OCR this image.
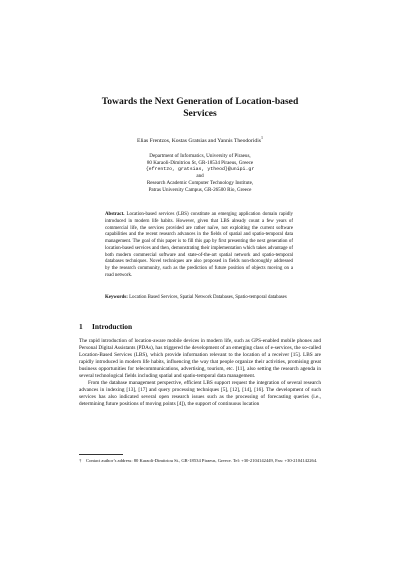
Towards the Next Generation of Location-based
Services
Elias Frentzos, Kostas Gratsias and Yannis Theodoridis$^1$
Department of Informatics, University of Piraeus,
80 Karaoli-Dimitriou St, GR-18534 Piraeus, Greece
{efrentzo, gratsias, ytheod}@unipi.gr
and
Research Academic Computer Technology Institute,
Patras University Campus, GR-26500 Rio, Greece
Abstract. Location-based services (LBS) constitute an emerging application domain rapidly introduced in modern life habits. However, given that LBS already count a few years of commercial life, the services provided are rather naïve, not exploiting the current software capabilities and the recent research advances in the fields of spatial and spatio-temporal data management. The goal of this paper is to fill this gap by first presenting the next generation of location-based services and then, demonstrating their implementation which takes advantage of both modern commercial software and state-of-the-art spatial network and spatio-temporal databases techniques. Novel techniques are also proposed in fields non-thoroughly addressed by the research community, such as the prediction of future position of objects moving on a road network.
Keywords: Location Based Services, Spatial Network Databases, Spatio-temporal databases
1 Introduction

The rapid introduction of location-aware mobile devices in modern life, such as GPS-enabled mobile phones and Personal Digital Assistants (PDAs), has triggered the development of an emerging class of e-services, the so-called Location-Based Services (LBS), which provide information relevant to the location of a receiver [15]. LBS are rapidly introduced in modern life habits, influencing the way that people organize their activities, promising great business opportunities for telecommunications, advertising, tourism, etc. [11], also setting the research agenda in several technological fields including spatial and spatio-temporal data management.

From the database management perspective, efficient LBS support request the integration of several research advances in indexing [13], [17] and query processing techniques [5], [12], [14], [16]. The development of such services has also indicated several open research issues such as the processing of forecasting queries (i.e., determining future positions of moving points [4]), the support of continuous location

† Contact author’s address: 80 Karaoli-Dimitriou St., GR-18534 Piraeus, Greece. Tel: +30-2104142449, Fax: +30-2104142264.
